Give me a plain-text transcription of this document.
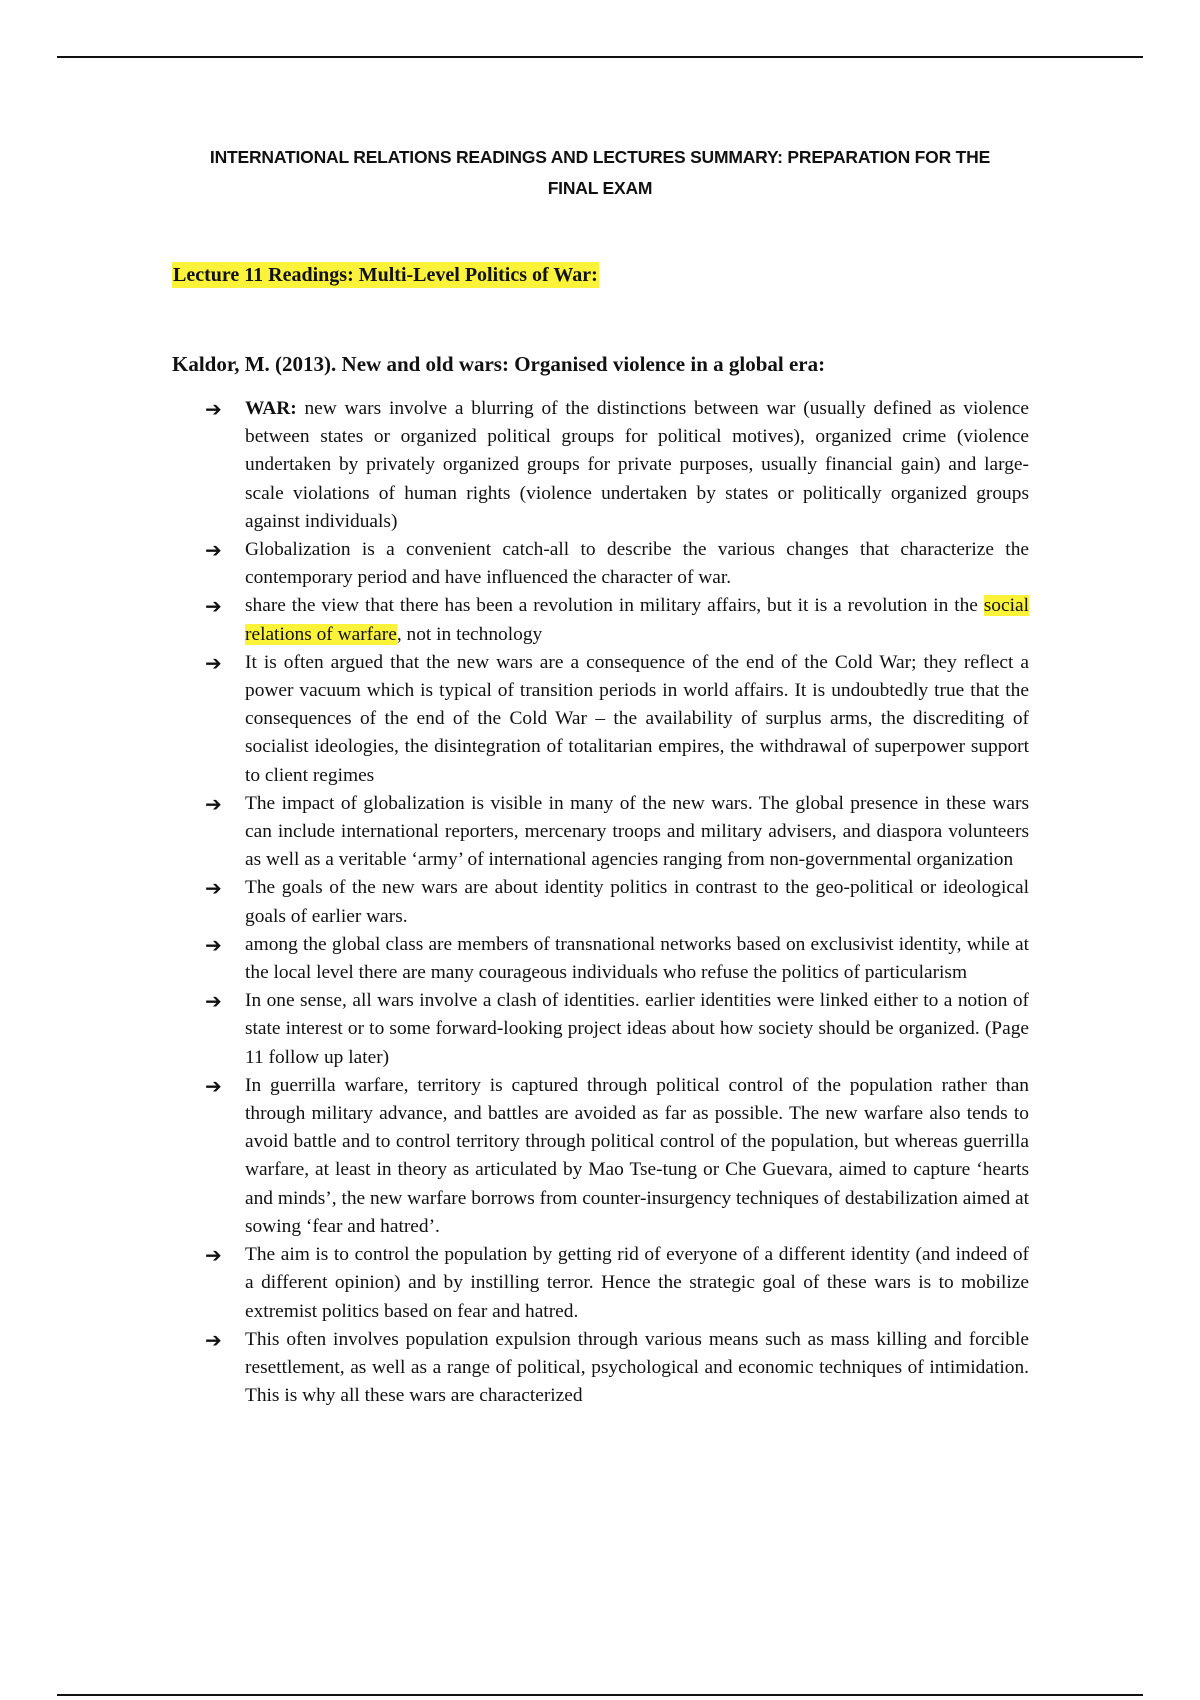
INTERNATIONAL RELATIONS READINGS AND LECTURES SUMMARY: PREPARATION FOR THE
FINAL EXAM
Lecture 11 Readings: Multi-Level Politics of War:
Kaldor, M. (2013). New and old wars: Organised violence in a global era:
➔ WAR: new wars involve a blurring of the distinctions between war (usually defined as violence between states or organized political groups for political motives), organized crime (violence undertaken by privately organized groups for private purposes, usually financial gain) and large-scale violations of human rights (violence undertaken by states or politically organized groups against individuals)
➔ Globalization is a convenient catch-all to describe the various changes that characterize the contemporary period and have influenced the character of war.
➔ share the view that there has been a revolution in military affairs, but it is a revolution in the social relations of warfare, not in technology
➔ It is often argued that the new wars are a consequence of the end of the Cold War; they reflect a power vacuum which is typical of transition periods in world affairs. It is undoubtedly true that the consequences of the end of the Cold War – the availability of surplus arms, the discrediting of socialist ideologies, the disintegration of totalitarian empires, the withdrawal of superpower support to client regimes
➔ The impact of globalization is visible in many of the new wars. The global presence in these wars can include international reporters, mercenary troops and military advisers, and diaspora volunteers as well as a veritable ‘army’ of international agencies ranging from non-governmental organization
➔ The goals of the new wars are about identity politics in contrast to the geo-political or ideological goals of earlier wars.
➔ among the global class are members of transnational networks based on exclusivist identity, while at the local level there are many courageous individuals who refuse the politics of particularism
➔ In one sense, all wars involve a clash of identities. earlier identities were linked either to a notion of state interest or to some forward-looking project ideas about how society should be organized. (Page 11 follow up later)
➔ In guerrilla warfare, territory is captured through political control of the population rather than through military advance, and battles are avoided as far as possible. The new warfare also tends to avoid battle and to control territory through political control of the population, but whereas guerrilla warfare, at least in theory as articulated by Mao Tse-tung or Che Guevara, aimed to capture ‘hearts and minds’, the new warfare borrows from counter-insurgency techniques of destabilization aimed at sowing ‘fear and hatred’.
➔ The aim is to control the population by getting rid of everyone of a different identity (and indeed of a different opinion) and by instilling terror. Hence the strategic goal of these wars is to mobilize extremist politics based on fear and hatred.
➔ This often involves population expulsion through various means such as mass killing and forcible resettlement, as well as a range of political, psychological and economic techniques of intimidation. This is why all these wars are characterized
